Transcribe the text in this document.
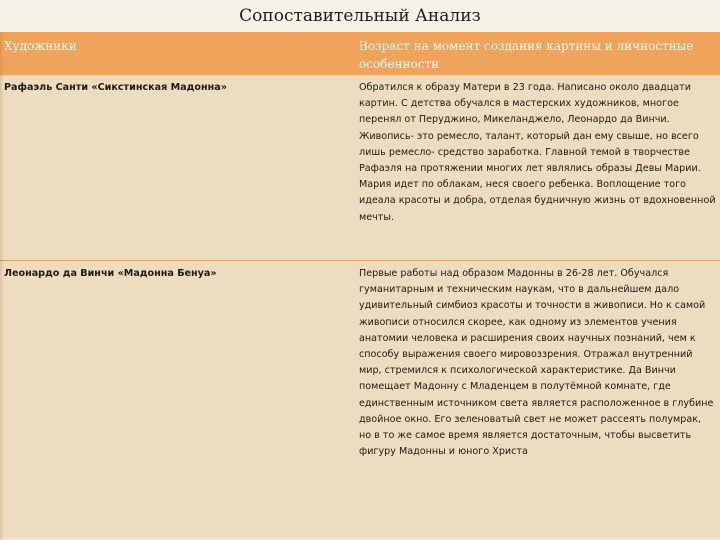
Сопоставительный Анализ
Художники	Возраст на момент создания картины и личностные особенности
Рафаэль Санти «Сикстинская Мадонна»	Обратился к образу Матери в 23 года. Написано около двадцати картин. С детства обучался в мастерских художников, многое перенял от Перуджино, Микеланджело, Леонардо да Винчи. Живопись- это ремесло, талант, который дан ему свыше, но всего лишь ремесло- средство заработка. Главной темой в творчестве Рафаэля на протяжении многих лет являлись образы Девы Марии. Мария идет по облакам, неся своего ребенка. Воплощение того идеала красоты и добра, отделая будничную жизнь от вдохновенной мечты.
Леонардо да Винчи «Мадонна Бенуа»	Первые работы над образом Мадонны в 26-28 лет. Обучался гуманитарным и техническим наукам, что в дальнейшем дало удивительный симбиоз красоты и точности в живописи. Но к самой живописи относился скорее, как одному из элементов учения анатомии человека и расширения своих научных познаний, чем к способу выражения своего мировоззрения. Отражал внутренний мир, стремился к психологической характеристике. Да Винчи помещает Мадонну с Младенцем в полутёмной комнате, где единственным источником света является расположенное в глубине двойное окно. Его зеленоватый свет не может рассеять полумрак, но в то же самое время является достаточным, чтобы высветить фигуру Мадонны и юного Христа
